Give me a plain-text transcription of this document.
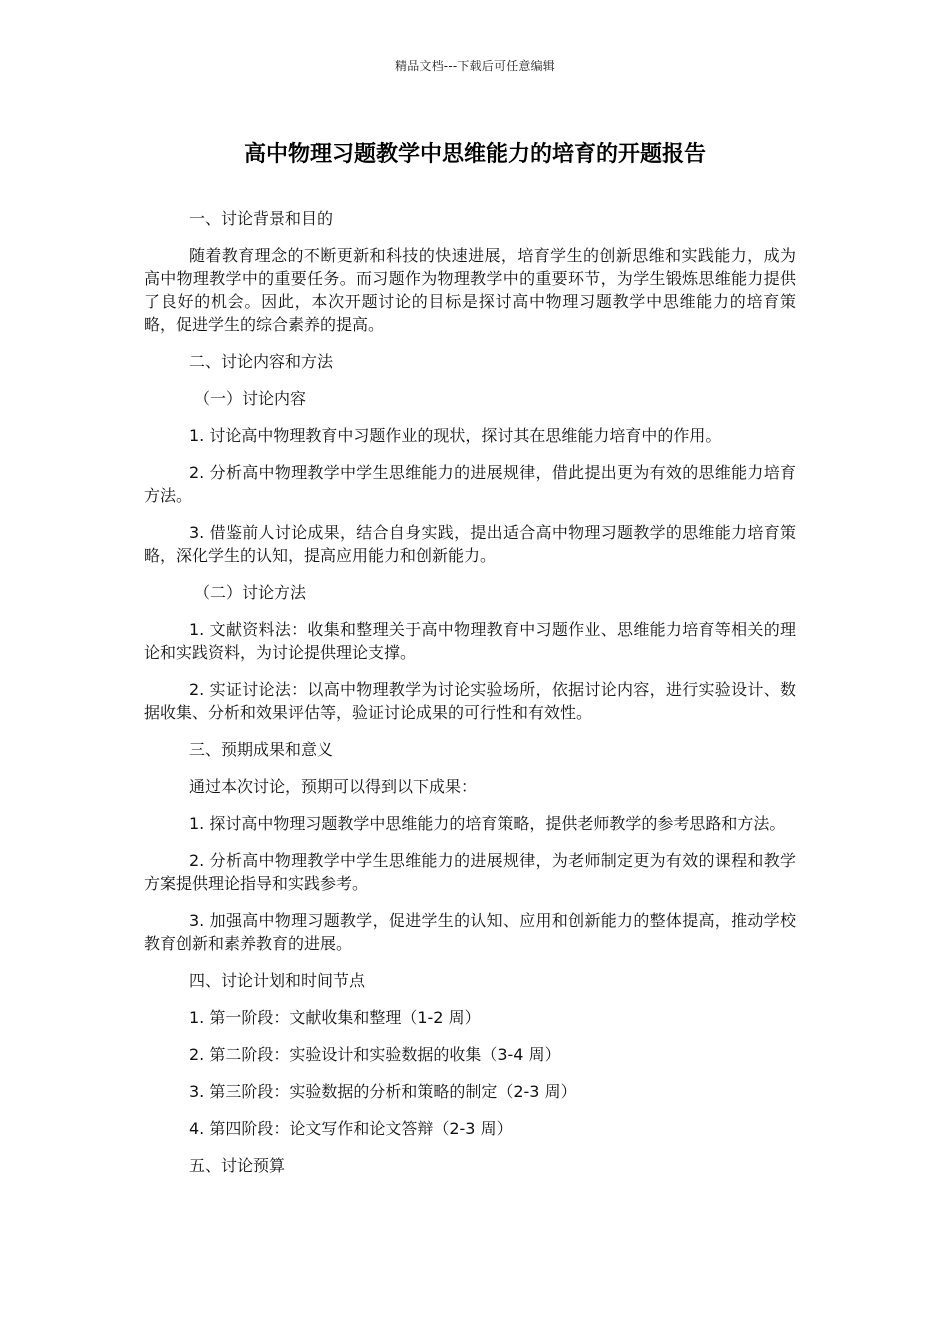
精品文档---下载后可任意编辑
高中物理习题教学中思维能力的培育的开题报告

一、讨论背景和目的

随着教育理念的不断更新和科技的快速进展，培育学生的创新思维和实践能力，成为高中物理教学中的重要任务。而习题作为物理教学中的重要环节，为学生锻炼思维能力提供了良好的机会。因此，本次开题讨论的目标是探讨高中物理习题教学中思维能力的培育策略，促进学生的综合素养的提高。

二、讨论内容和方法

（一）讨论内容

1. 讨论高中物理教育中习题作业的现状，探讨其在思维能力培育中的作用。

2. 分析高中物理教学中学生思维能力的进展规律，借此提出更为有效的思维能力培育方法。

3. 借鉴前人讨论成果，结合自身实践，提出适合高中物理习题教学的思维能力培育策略，深化学生的认知，提高应用能力和创新能力。

（二）讨论方法

1. 文献资料法：收集和整理关于高中物理教育中习题作业、思维能力培育等相关的理论和实践资料，为讨论提供理论支撑。

2. 实证讨论法：以高中物理教学为讨论实验场所，依据讨论内容，进行实验设计、数据收集、分析和效果评估等，验证讨论成果的可行性和有效性。

三、预期成果和意义

通过本次讨论，预期可以得到以下成果：

1. 探讨高中物理习题教学中思维能力的培育策略，提供老师教学的参考思路和方法。

2. 分析高中物理教学中学生思维能力的进展规律，为老师制定更为有效的课程和教学方案提供理论指导和实践参考。

3. 加强高中物理习题教学，促进学生的认知、应用和创新能力的整体提高，推动学校教育创新和素养教育的进展。

四、讨论计划和时间节点

1. 第一阶段：文献收集和整理（1-2 周）

2. 第二阶段：实验设计和实验数据的收集（3-4 周）

3. 第三阶段：实验数据的分析和策略的制定（2-3 周）

4. 第四阶段：论文写作和论文答辩（2-3 周）

五、讨论预算
